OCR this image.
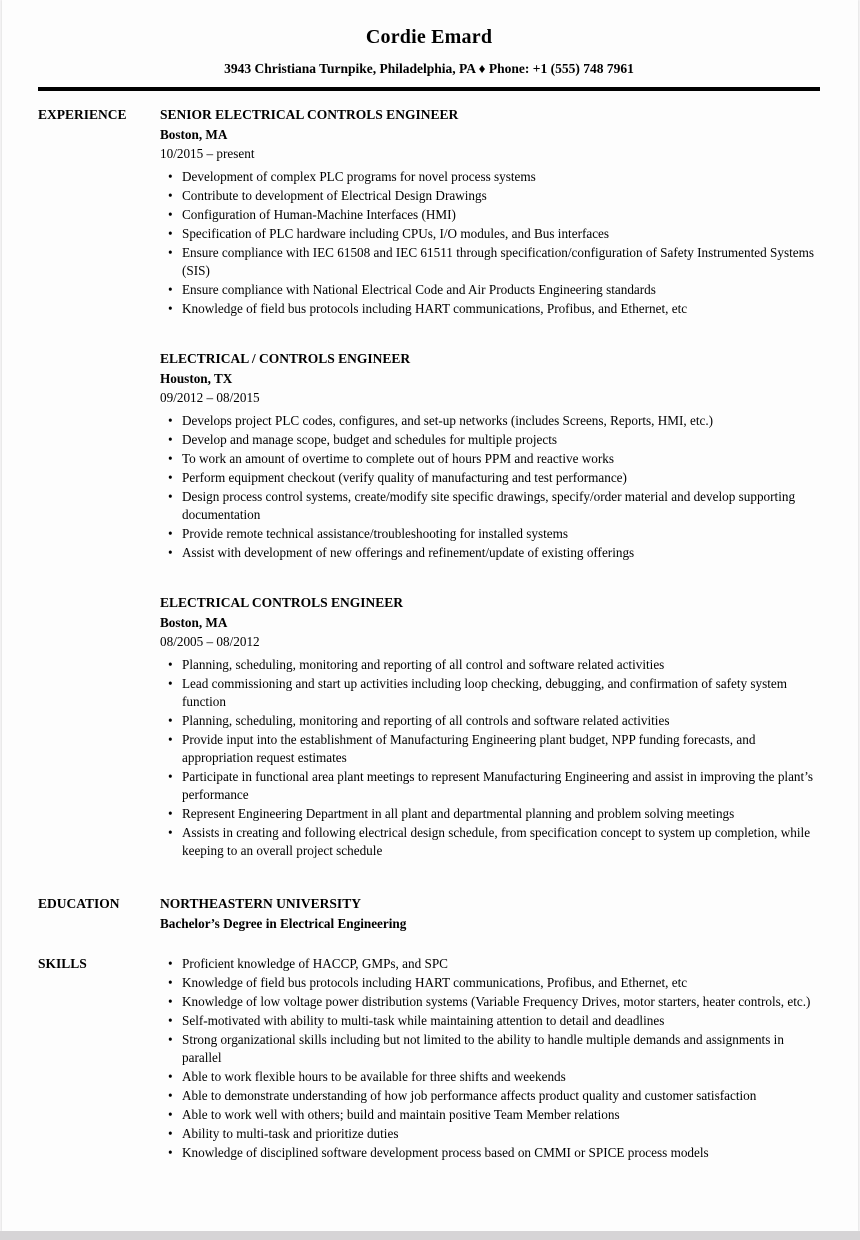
Cordie Emard
3943 Christiana Turnpike, Philadelphia, PA ♦ Phone: +1 (555) 748 7961
EXPERIENCE	SENIOR ELECTRICAL CONTROLS ENGINEER
Boston, MA
10/2015 – present
• Development of complex PLC programs for novel process systems
• Contribute to development of Electrical Design Drawings
• Configuration of Human-Machine Interfaces (HMI)
• Specification of PLC hardware including CPUs, I/O modules, and Bus interfaces
• Ensure compliance with IEC 61508 and IEC 61511 through specification/configuration of Safety Instrumented Systems (SIS)
• Ensure compliance with National Electrical Code and Air Products Engineering standards
• Knowledge of field bus protocols including HART communications, Profibus, and Ethernet, etc
ELECTRICAL / CONTROLS ENGINEER
Houston, TX
09/2012 – 08/2015
• Develops project PLC codes, configures, and set-up networks (includes Screens, Reports, HMI, etc.)
• Develop and manage scope, budget and schedules for multiple projects
• To work an amount of overtime to complete out of hours PPM and reactive works
• Perform equipment checkout (verify quality of manufacturing and test performance)
• Design process control systems, create/modify site specific drawings, specify/order material and develop supporting documentation
• Provide remote technical assistance/troubleshooting for installed systems
• Assist with development of new offerings and refinement/update of existing offerings
ELECTRICAL CONTROLS ENGINEER
Boston, MA
08/2005 – 08/2012
• Planning, scheduling, monitoring and reporting of all control and software related activities
• Lead commissioning and start up activities including loop checking, debugging, and confirmation of safety system function
• Planning, scheduling, monitoring and reporting of all controls and software related activities
• Provide input into the establishment of Manufacturing Engineering plant budget, NPP funding forecasts, and appropriation request estimates
• Participate in functional area plant meetings to represent Manufacturing Engineering and assist in improving the plant’s performance
• Represent Engineering Department in all plant and departmental planning and problem solving meetings
• Assists in creating and following electrical design schedule, from specification concept to system up completion, while keeping to an overall project schedule
EDUCATION	NORTHEASTERN UNIVERSITY
Bachelor’s Degree in Electrical Engineering
SKILLS	• Proficient knowledge of HACCP, GMPs, and SPC
• Knowledge of field bus protocols including HART communications, Profibus, and Ethernet, etc
• Knowledge of low voltage power distribution systems (Variable Frequency Drives, motor starters, heater controls, etc.)
• Self-motivated with ability to multi-task while maintaining attention to detail and deadlines
• Strong organizational skills including but not limited to the ability to handle multiple demands and assignments in parallel
• Able to work flexible hours to be available for three shifts and weekends
• Able to demonstrate understanding of how job performance affects product quality and customer satisfaction
• Able to work well with others; build and maintain positive Team Member relations
• Ability to multi-task and prioritize duties
• Knowledge of disciplined software development process based on CMMI or SPICE process models
